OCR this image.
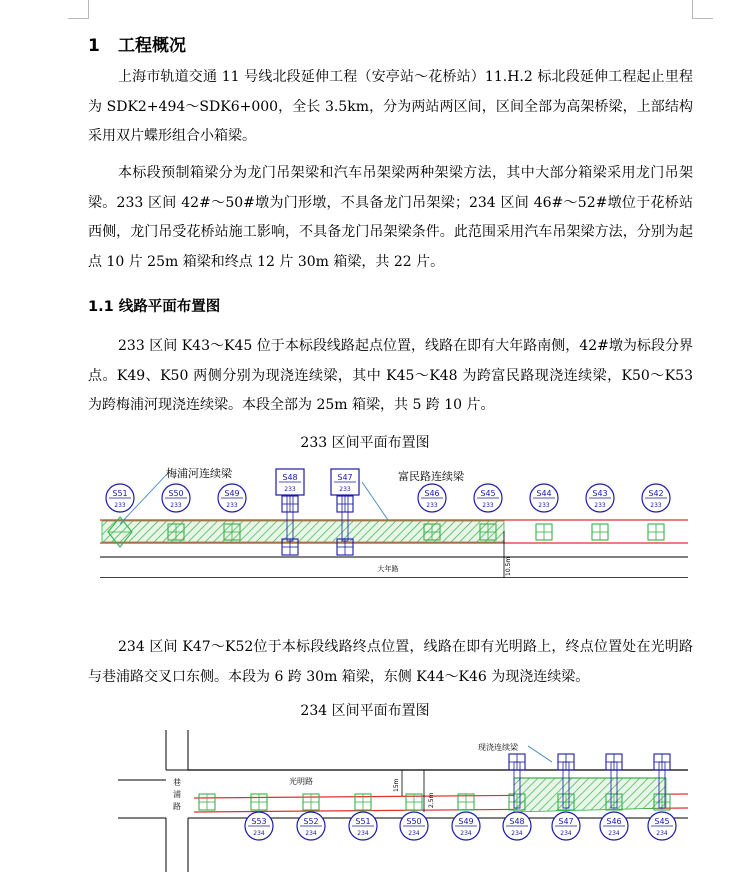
1 工程概况

上海市轨道交通 11 号线北段延伸工程（安亭站～花桥站）11.H.2 标北段延伸工程起止里程为 SDK2+494～SDK6+000，全长 3.5km，分为两站两区间，区间全部为高架桥梁，上部结构采用双片蝶形组合小箱梁。

本标段预制箱梁分为龙门吊架梁和汽车吊架梁两种架梁方法，其中大部分箱梁采用龙门吊架梁。233 区间 42#～50#墩为门形墩，不具备龙门吊架梁；234 区间 46#～52#墩位于花桥站西侧，龙门吊受花桥站施工影响，不具备龙门吊架梁条件。此范围采用汽车吊架梁方法，分别为起点 10 片 25m 箱梁和终点 12 片 30m 箱梁，共 22 片。

1.1 线路平面布置图

233 区间 K43～K45 位于本标段线路起点位置，线路在即有大年路南侧，42#墩为标段分界点。K49、K50 两侧分别为现浇连续梁，其中 K45～K48 为跨富民路现浇连续梁，K50～K53 为跨梅浦河现浇连续梁。本段全部为 25m 箱梁，共 5 跨 10 片。

233 区间平面布置图

大年路	10.5m
梅浦河连续梁	富民路连续梁
S51
233
S50
233
S49
233
S48
233
S47
233	S46
233
S45
233
S44
233
S43
233
S42
233

234 区间 K47～K52位于本标段线路终点位置，线路在即有光明路上，终点位置处在光明路与巷浦路交叉口东侧。本段为 6 跨 30m 箱梁，东侧 K44～K46 为现浇连续梁。

234 区间平面布置图

光明路
巷浦路
15m
2.5m
现浇连续梁
S53
234
S52
234
S51
234
S50
234
S49
234
S48
234
S47
234
S46
234
S45
234
